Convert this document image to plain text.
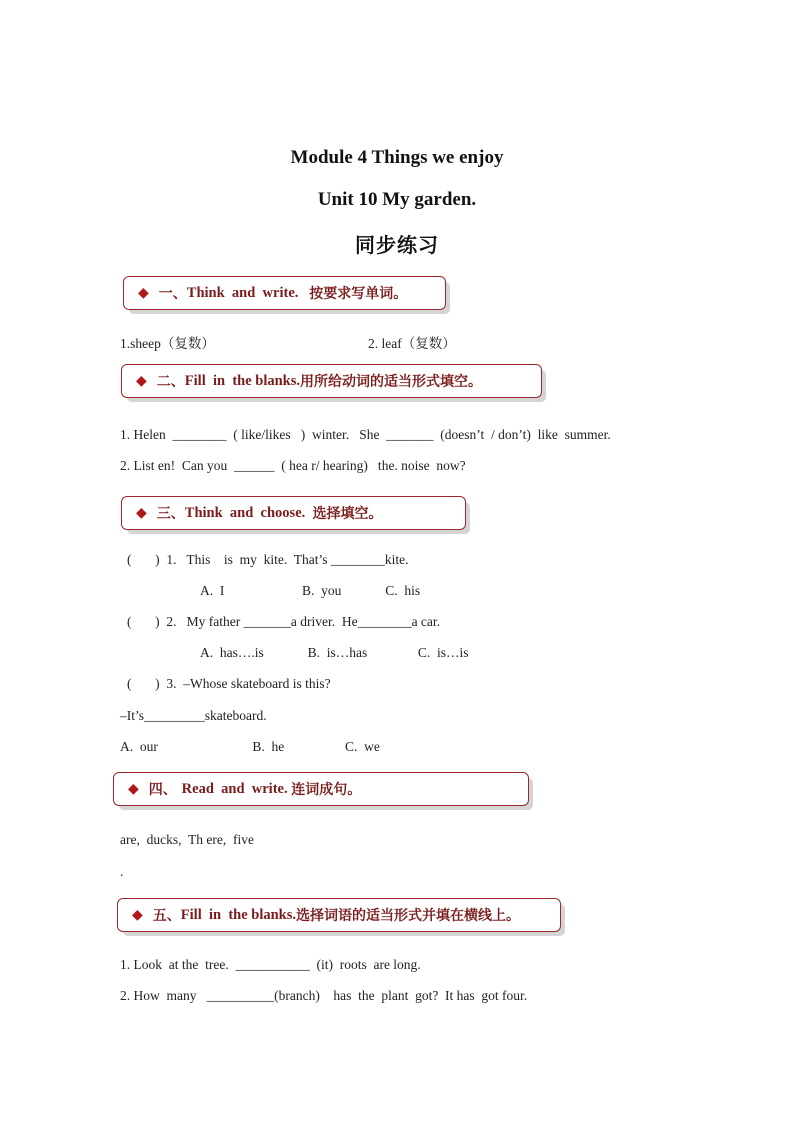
Module 4 Things we enjoy
Unit 10 My garden.
同步练习
◆ 一、 Think  and  write. 按要求写单词。
1.sheep（复数）	2. leaf（复数）
◆ 二、 Fill  in  the blanks. 用所给动词的适当形式填空。
1. Helen  ________  ( like/likes   )  winter.   She  _______  (doesn’t  / don’t)  like  summer.
2. List en!  Can you  ______  ( hea r/ hearing)   the. noise  now?
◆ 三、 Think  and  choose. 选择填空。
(       )  1.   This    is  my  kite.  That’s ________kite.
A.  I                       B.  you             C.  his
(       )  2.   My father _______a driver.  He________a car.
A.  has….is             B.  is…has               C.  is…is
(       )  3.  –Whose skateboard is this?
–It’s_________skateboard.
A.  our                            B.  he                  C.  we
◆ 四、 Read  and  write. 连词成句。
are,  ducks,  Th ere,  five
.
◆ 五、 Fill  in  the blanks. 选择词语的适当形式并填在横线上。
1. Look  at the  tree.  ___________  (it)  roots  are long.
2. How  many   __________(branch)    has  the  plant  got?  It has  got four.
